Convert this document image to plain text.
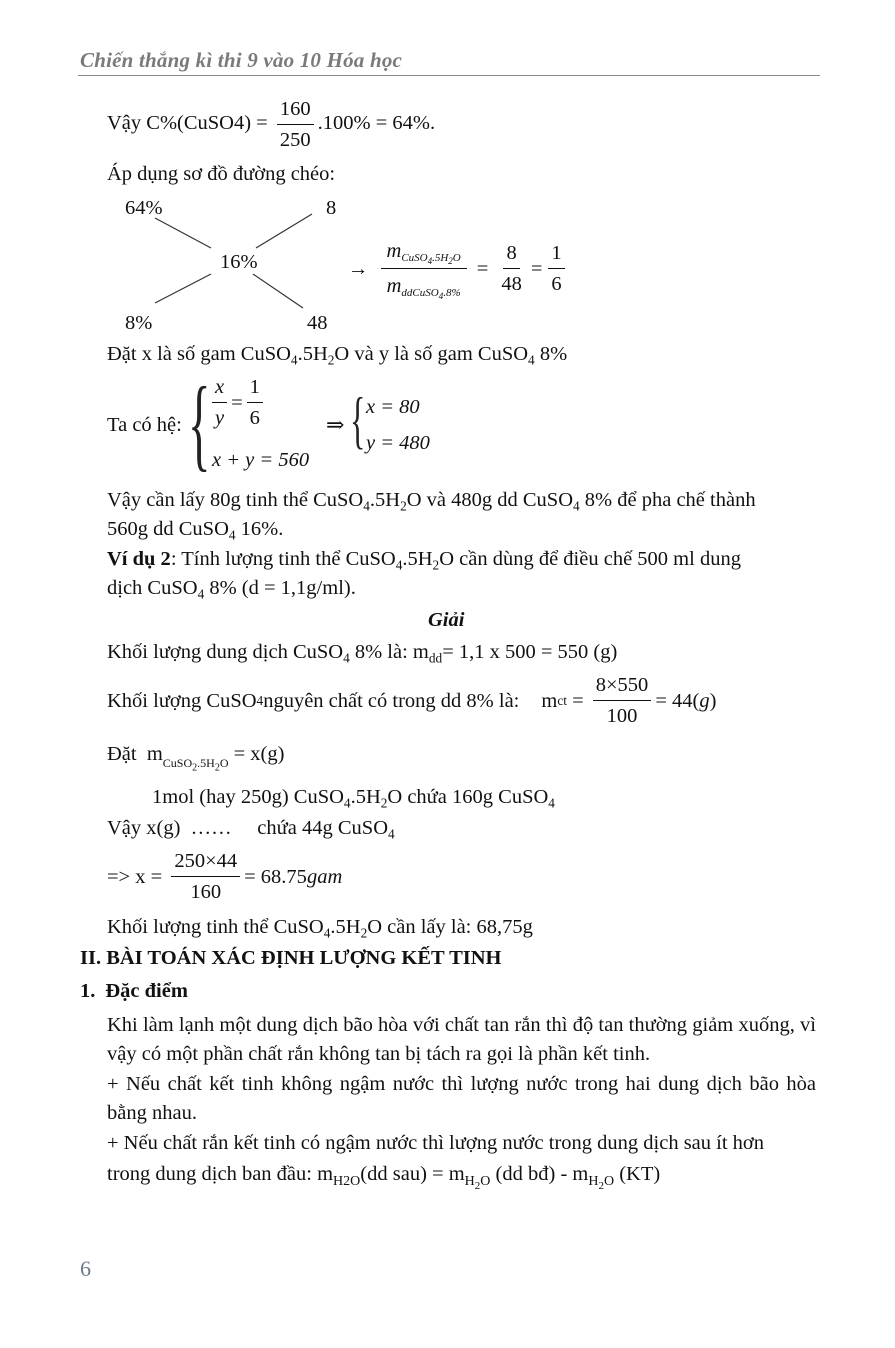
Chiến thắng kì thi 9 vào 10 Hóa học
Vậy C%(CuSO4) = $\frac{160}{250} .100\% = 64\%$.
Áp dụng sơ đồ đường chéo:
64%	8
16%
8%	48
→ $\frac{m_{CuSO_4.5H_2O}}{m_{ddCuSO_4.8\%}} = \frac{8}{48} = \frac{1}{6}$
Đặt x là số gam $CuSO_4.5H_2O$ và y là số gam CuSO$_4$ 8%
Ta có hệ: { $\frac{x}{y} = \frac{1}{6}$
x + y = 560
⇒ { x = 80
y = 480
Vậy cần lấy 80g tinh thể $CuSO_4.5H_2O$ và 480g dd CuSO$_4$ 8% để pha chế thành
560g dd CuSO$_4$ 16%.
Ví dụ 2: Tính lượng tinh thể $CuSO_4.5H_2O$ cần dùng để điều chế 500 ml dung
dịch CuSO$_4$ 8% (d = 1,1g/ml).
Giải
Khối lượng dung dịch CuSO$_4$ 8% là: $m_{dd}= 1,1$ x 500 = 550 (g)
Khối lượng CuSO 4 nguyên chất có trong dd 8% là: m ct = $\frac{8\times 550}{100} = 44$( g )
Đặt  $m_{CuSO_2.5H_2O} = x(g)$
1mol (hay 250g) $CuSO_4.5H_2O$ chứa 160g CuSO$_4$
Vậy x(g)  ……     chứa 44g CuSO$_4$
=> $x = \frac{250\times 44}{160} = 68.75$ gam
Khối lượng tinh thể $CuSO_4.5H_2O$ cần lấy là: 68,75g
II. BÀI TOÁN XÁC ĐỊNH LƯỢNG KẾT TINH
1. Đặc điểm
Khi làm lạnh một dung dịch bão hòa với chất tan rắn thì độ tan thường giảm xuống, vì vậy có một phần chất rắn không tan bị tách ra gọi là phần kết tinh.
+ Nếu chất kết tinh không ngậm nước thì lượng nước trong hai dung dịch bão hòa bằng nhau.
+ Nếu chất rắn kết tinh có ngậm nước thì lượng nước trong dung dịch sau ít hơn
trong dung dịch ban đầu: $m_{H2O}(dd$ $sau) = m_{H_2O}$ (dd bđ) - $m_{H_2O}$ (KT)
6
